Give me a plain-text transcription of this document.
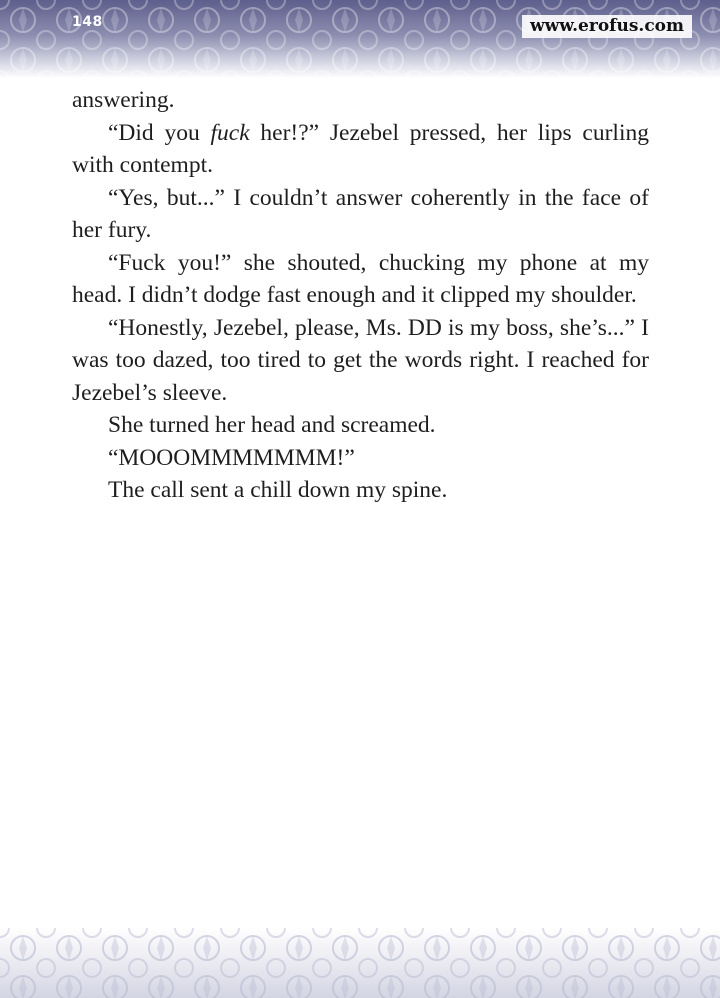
148	www.erofus.com

answering.

“Did you fuck her!?” Jezebel pressed, her lips curling with contempt.

“Yes, but...” I couldn’t answer coherently in the face of her fury.

“Fuck you!” she shouted, chucking my phone at my head. I didn’t dodge fast enough and it clipped my shoulder.

“Honestly, Jezebel, please, Ms. DD is my boss, she’s...” I was too dazed, too tired to get the words right. I reached for Jezebel’s sleeve.

She turned her head and screamed.

“MOOOMMMMMMM!”

The call sent a chill down my spine.
